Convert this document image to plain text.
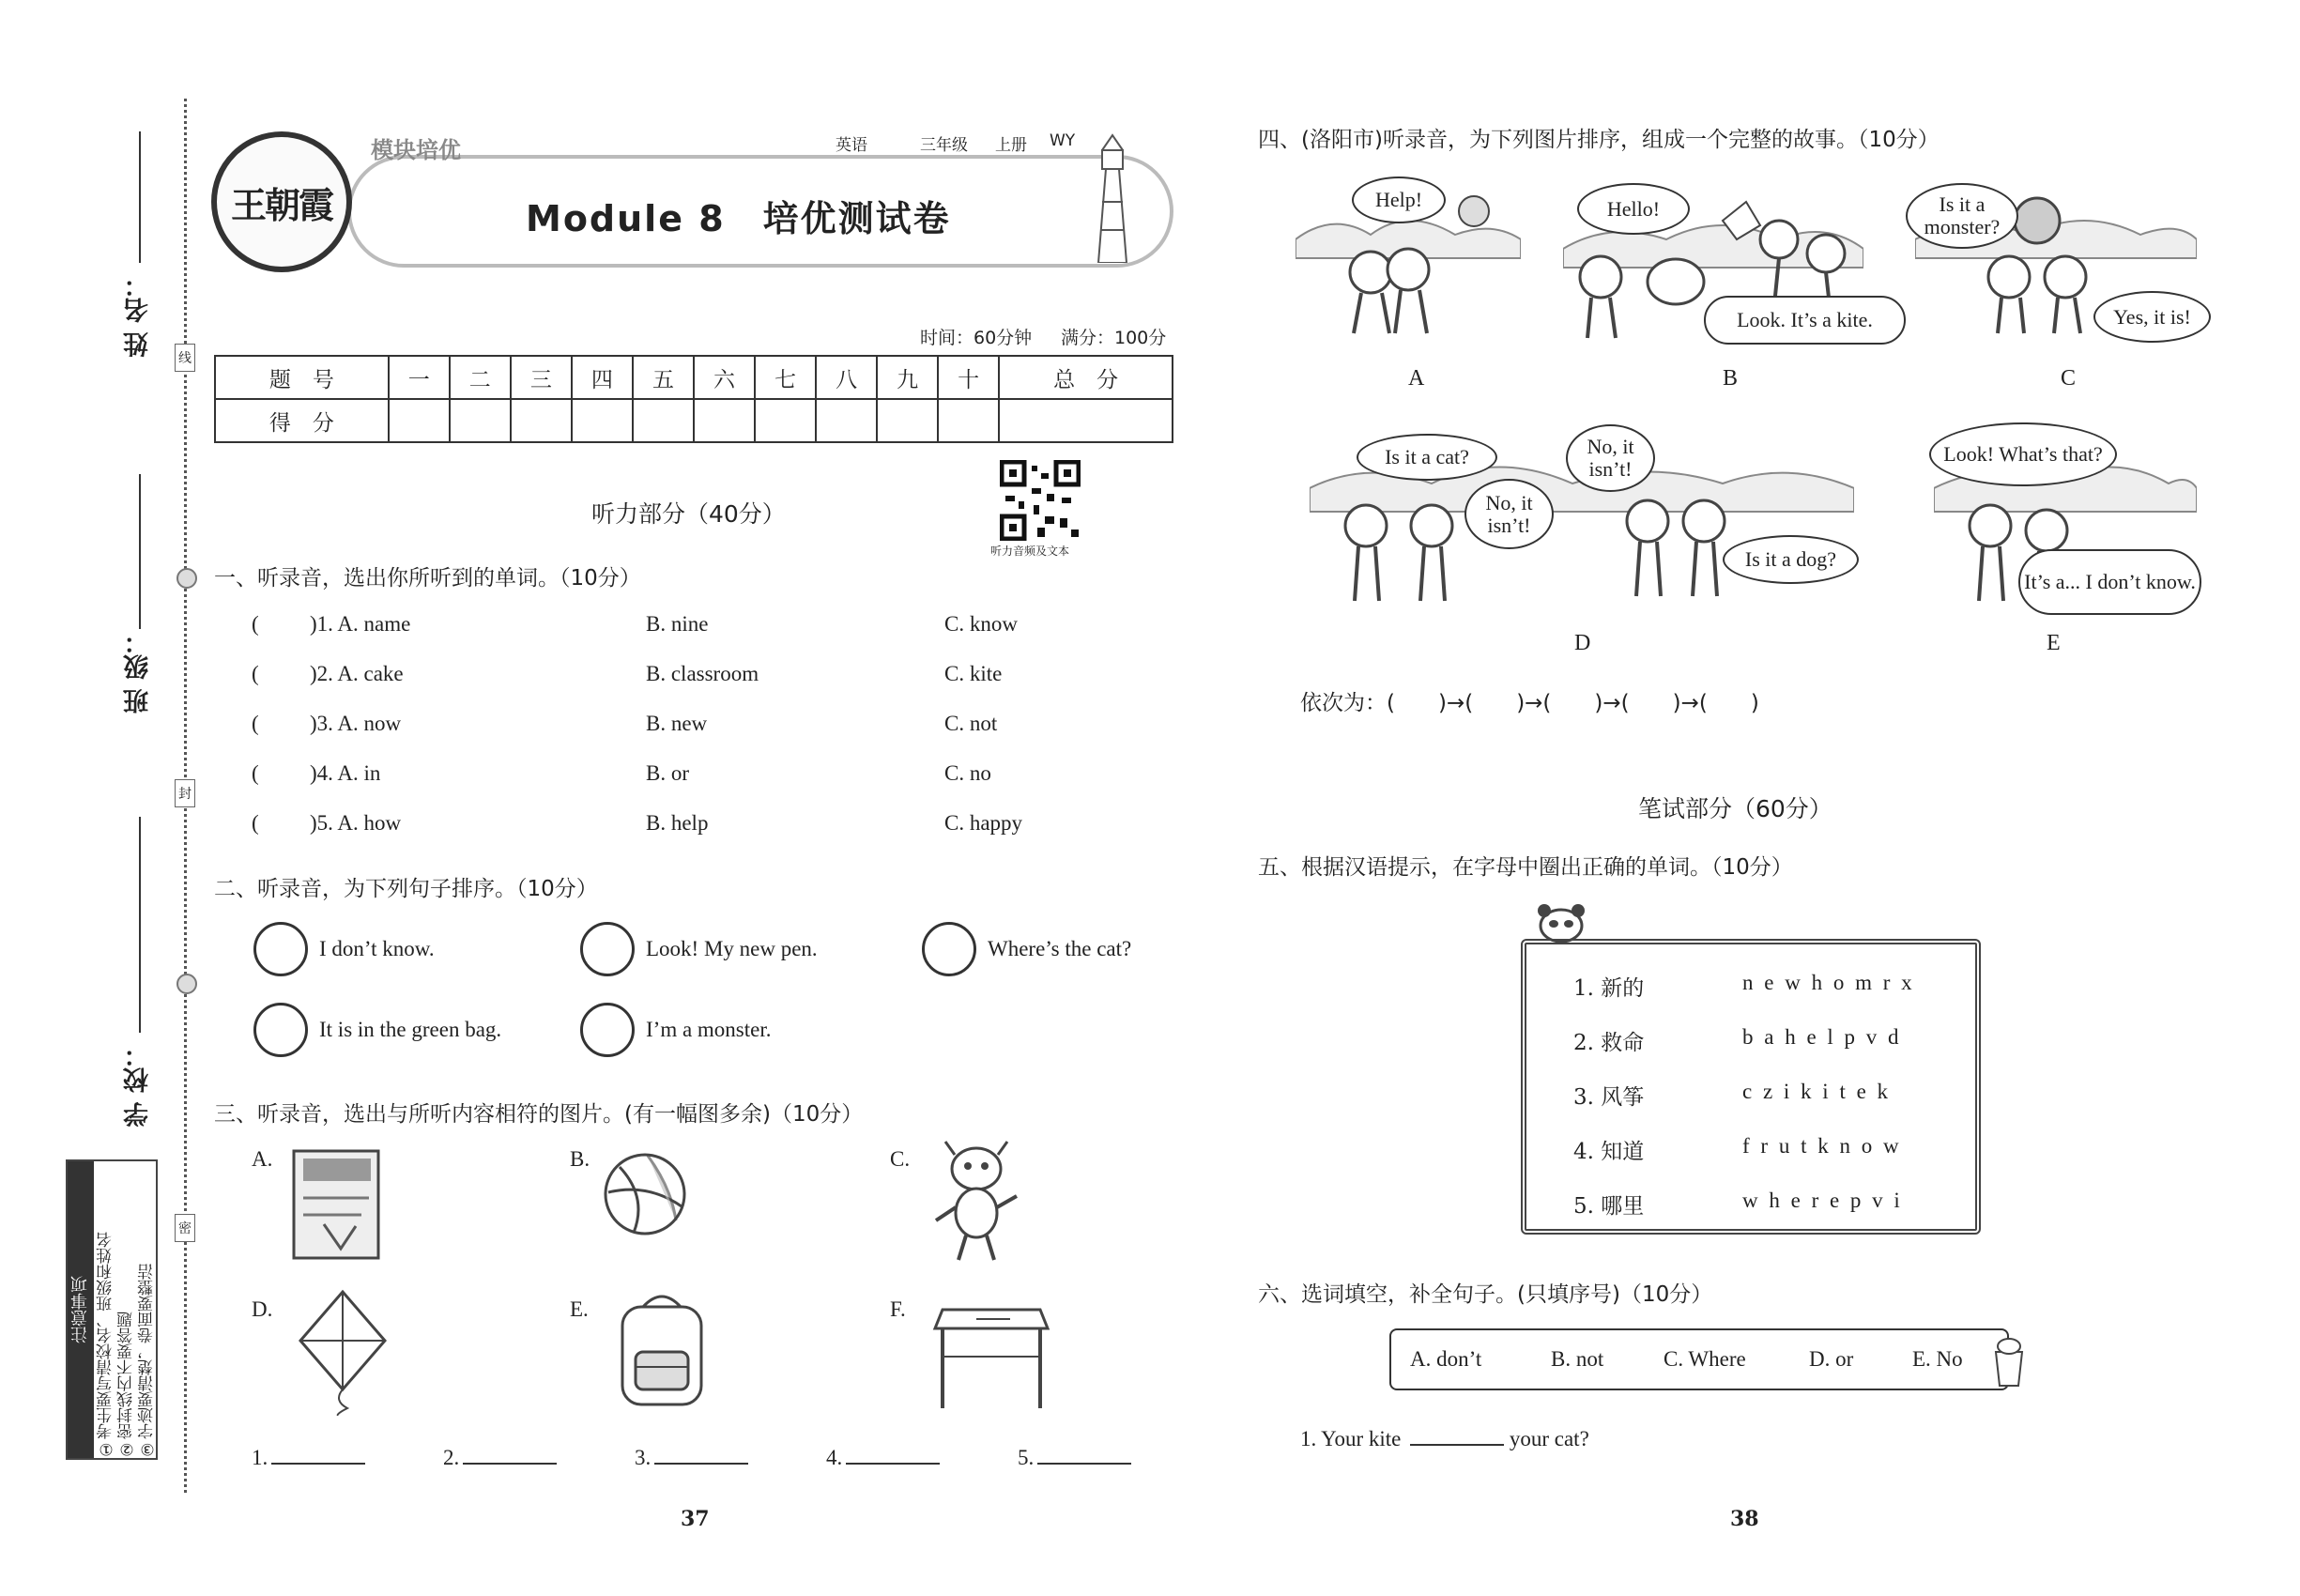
姓 名：
班 级：
学 校：
线
封
密
注意事项 ①考生要写清校名、班级和姓名 ②密封线内不要答题 ③字迹要清楚，卷面要整洁
王朝霞
模块培优	英语	三年级 上册 WY
Module 8　培优测试卷
时间：60分钟 满分：100分
题　号	一	二	三	四	五	六	七	八	九	十	总　分
得　分											
听力部分（40分）
听力音频及文本
一、听录音，选出你所听到的单词。（10分）
( )1. A. name	B. nine	C. know
( )2. A. cake	B. classroom	C. kite
( )3. A. now	B. new	C. not
( )4. A. in	B. or	C. no
( )5. A. how	B. help	C. happy
二、听录音，为下列句子排序。（10分）
I don’t know.	Look! My new pen.	Where’s the cat?
It is in the green bag.	I’m a monster.
三、听录音，选出与所听内容相符的图片。(有一幅图多余)（10分）
A.	B.	C.
D.	E.	F.
1.	2.	3.	4.	5.
37
四、(洛阳市)听录音，为下列图片排序，组成一个完整的故事。（10分）
Help!
A
Hello!
Look. It’s a kite.
B
Is it a monster?
Yes, it is!
C
Is it a cat?
No, it isn’t!
No, it isn’t!
Is it a dog?
D
Look! What’s that?
It’s a... I don’t know.
E
依次为：(　　)→(　　)→(　　)→(　　)→(　　)
笔试部分（60分）
五、根据汉语提示，在字母中圈出正确的单词。（10分）
1. 新的	n e w h o m r x
2. 救命	b a h e l p v d
3. 风筝	c z i k i t e k
4. 知道	f r u t k n o w
5. 哪里	w h e r e p v i
六、选词填空，补全句子。(只填序号)（10分）
A. don’t	B. not	C. Where	D. or	E. No
1. Your kite	your cat?
38
